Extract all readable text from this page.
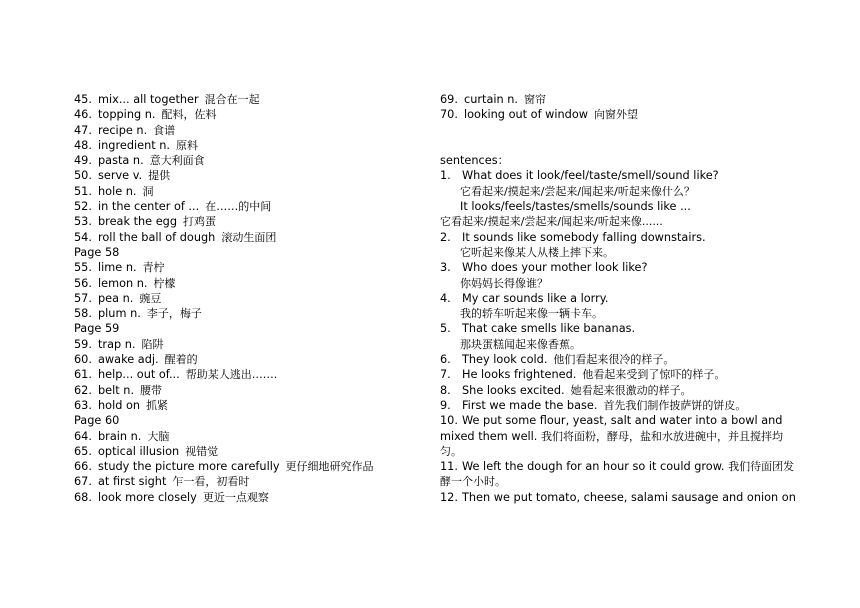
45. mix... all together 混合在一起
46. topping n. 配料，佐料
47. recipe n. 食谱
48. ingredient n. 原料
49. pasta n. 意大利面食
50. serve v. 提供
51. hole n. 洞
52. in the center of ... 在……的中间
53. break the egg 打鸡蛋
54. roll the ball of dough 滚动生面团
Page 58
55. lime n. 青柠
56. lemon n. 柠檬
57. pea n. 豌豆
58. plum n. 李子，梅子
Page 59
59. trap n. 陷阱
60. awake adj. 醒着的
61. help... out of... 帮助某人逃出…….
62. belt n. 腰带
63. hold on 抓紧
Page 60
64. brain n. 大脑
65. optical illusion 视错觉
66. study the picture more carefully 更仔细地研究作品
67. at first sight 乍一看，初看时
68. look more closely 更近一点观察
69. curtain n. 窗帘
70. looking out of window 向窗外望
sentences：
1. What does it look/feel/taste/smell/sound like?
它看起来/摸起来/尝起来/闻起来/听起来像什么？
It looks/feels/tastes/smells/sounds like ...
它看起来/摸起来/尝起来/闻起来/听起来像......
2. It sounds like somebody falling downstairs.
它听起来像某人从楼上摔下来。
3. Who does your mother look like?
你妈妈长得像谁？
4. My car sounds like a lorry.
我的轿车听起来像一辆卡车。
5. That cake smells like bananas.
那块蛋糕闻起来像香蕉。
6. They look cold. 他们看起来很冷的样子。
7. He looks frightened. 他看起来受到了惊吓的样子。
8. She looks excited. 她看起来很激动的样子。
9. First we made the base. 首先我们制作披萨饼的饼皮。
10. We put some flour, yeast, salt and water into a bowl and mixed them well. 我们将面粉，酵母，盐和水放进碗中，并且搅拌均匀。
11. We left the dough for an hour so it could grow. 我们待面团发酵一个小时。
12. Then we put tomato, cheese, salami sausage and onion on
